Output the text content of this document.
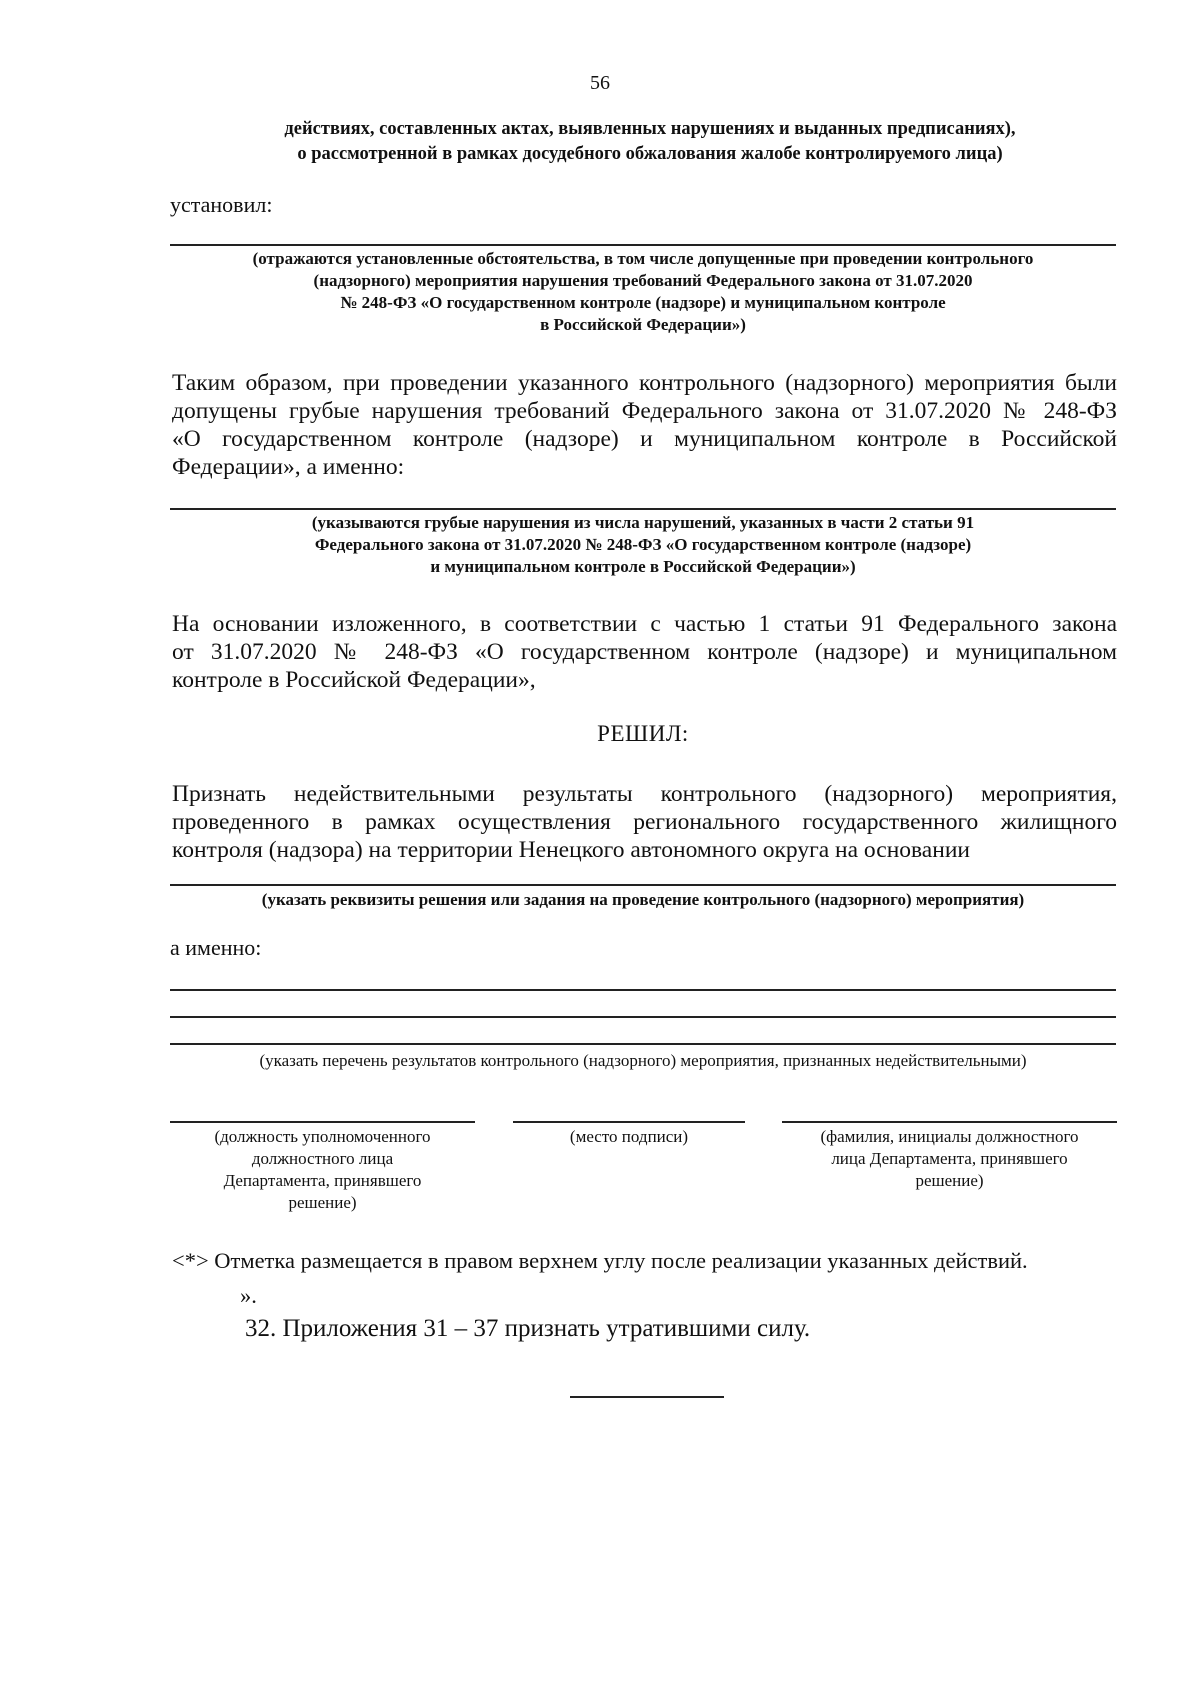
56
действиях, составленных актах, выявленных нарушениях и выданных предписаниях),
о рассмотренной в рамках досудебного обжалования жалобе контролируемого лица)
установил:
(отражаются установленные обстоятельства, в том числе допущенные при проведении контрольного
(надзорного) мероприятия нарушения требований Федерального закона от 31.07.2020
№ 248-ФЗ «О государственном контроле (надзоре) и муниципальном контроле
в Российской Федерации»)
Таким образом, при проведении указанного контрольного (надзорного) мероприятия были
допущены грубые нарушения требований Федерального закона от 31.07.2020 № 248-ФЗ
«О государственном контроле (надзоре) и муниципальном контроле в Российской
Федерации», а именно:
(указываются грубые нарушения из числа нарушений, указанных в части 2 статьи 91
Федерального закона от 31.07.2020 № 248-ФЗ «О государственном контроле (надзоре)
и муниципальном контроле в Российской Федерации»)
На основании изложенного, в соответствии с частью 1 статьи 91 Федерального закона
от 31.07.2020 № 248-ФЗ «О государственном контроле (надзоре) и муниципальном
контроле в Российской Федерации»,
РЕШИЛ:
Признать недействительными результаты контрольного (надзорного) мероприятия,
проведенного в рамках осуществления регионального государственного жилищного
контроля (надзора) на территории Ненецкого автономного округа на основании
(указать реквизиты решения или задания на проведение контрольного (надзорного) мероприятия)
а именно:
(указать перечень результатов контрольного (надзорного) мероприятия, признанных недействительными)
(должность уполномоченного
должностного лица
Департамента, принявшего
решение)
(место подписи)	(фамилия, инициалы должностного
лица Департамента, принявшего
решение)
<*> Отметка размещается в правом верхнем углу после реализации указанных действий.
».
32. Приложения 31 – 37 признать утратившими силу.
